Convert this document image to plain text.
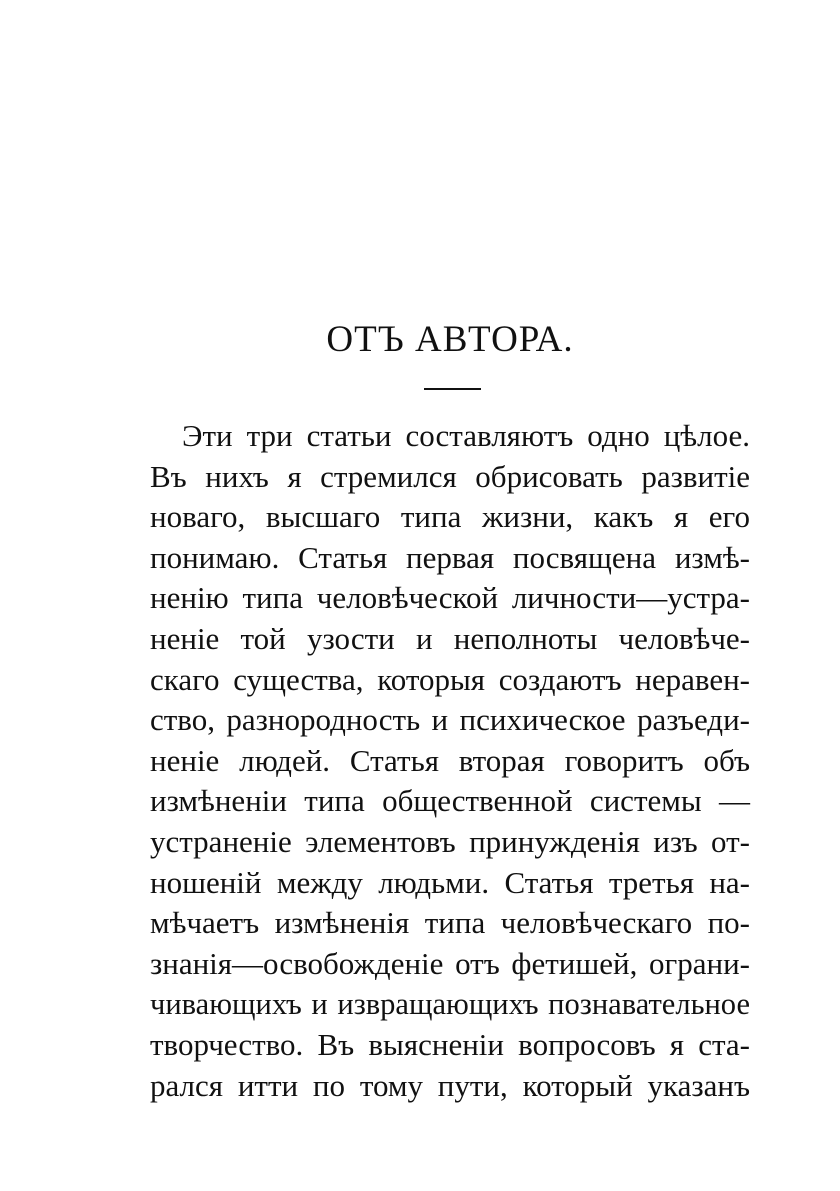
ОТЪ АВТОРА.
Эти три статьи составляютъ одно цѣлое.
Въ нихъ я стремился обрисовать развитіе
новаго, высшаго типа жизни, какъ я его
понимаю. Статья первая посвящена измѣ-
ненію типа человѣческой личности—устра-
неніе той узости и неполноты человѣче-
скаго существа, которыя создаютъ неравен-
ство, разнородность и психическое разъеди-
неніе людей. Статья вторая говоритъ объ
измѣненіи типа общественной системы —
устраненіе элементовъ принужденія изъ от-
ношеній между людьми. Статья третья на-
мѣчаетъ измѣненія типа человѣческаго по-
знанія—освобожденіе отъ фетишей, ограни-
чивающихъ и извращающихъ познавательное
творчество. Въ выясненіи вопросовъ я ста-
рался итти по тому пути, который указанъ
